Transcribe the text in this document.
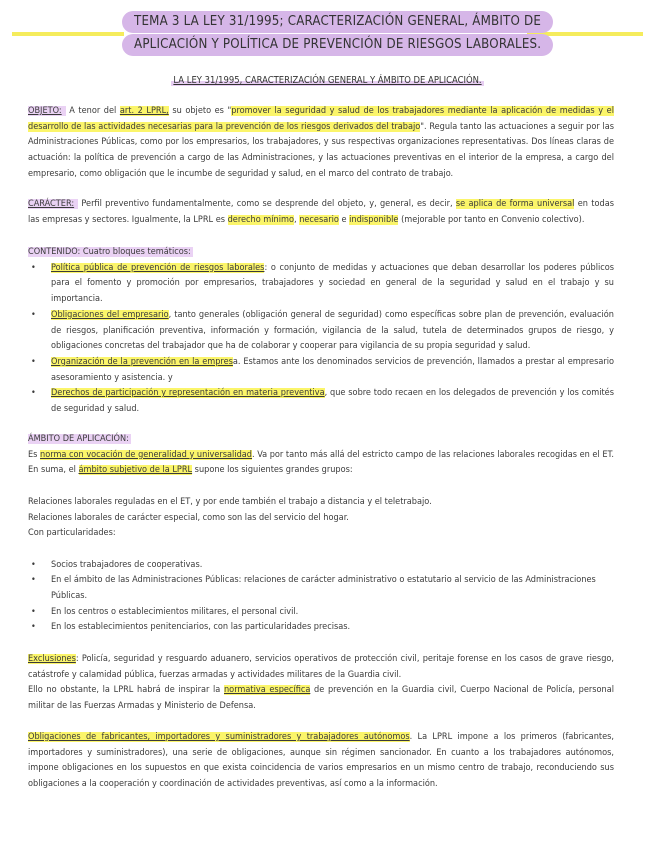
TEMA 3 LA LEY 31/1995; CARACTERIZACIÓN GENERAL, ÁMBITO DE
APLICACIÓN Y POLÍTICA DE PREVENCIÓN DE RIESGOS LABORALES.
LA LEY 31/1995, CARACTERIZACIÓN GENERAL Y ÁMBITO DE APLICACIÓN.

OBJETO: A tenor del art. 2 LPRL, su objeto es "promover la seguridad y salud de los trabajadores mediante la aplicación de medidas y el desarrollo de las actividades necesarias para la prevención de los riesgos derivados del trabajo". Regula tanto las actuaciones a seguir por las Administraciones Públicas, como por los empresarios, los trabajadores, y sus respectivas organizaciones representativas. Dos líneas claras de actuación: la política de prevención a cargo de las Administraciones, y las actuaciones preventivas en el interior de la empresa, a cargo del empresario, como obligación que le incumbe de seguridad y salud, en el marco del contrato de trabajo.

CARÁCTER: Perfil preventivo fundamentalmente, como se desprende del objeto, y, general, es decir, se aplica de forma universal en todas las empresas y sectores. Igualmente, la LPRL es derecho mínimo, necesario e indisponible (mejorable por tanto en Convenio colectivo).

CONTENIDO: Cuatro bloques temáticos:

• Política pública de prevención de riesgos laborales: o conjunto de medidas y actuaciones que deban desarrollar los poderes públicos para el fomento y promoción por empresarios, trabajadores y sociedad en general de la seguridad y salud en el trabajo y su importancia.
• Obligaciones del empresario, tanto generales (obligación general de seguridad) como específicas sobre plan de prevención, evaluación de riesgos, planificación preventiva, información y formación, vigilancia de la salud, tutela de determinados grupos de riesgo, y obligaciones concretas del trabajador que ha de colaborar y cooperar para vigilancia de su propia seguridad y salud.
• Organización de la prevención en la empresa. Estamos ante los denominados servicios de prevención, llamados a prestar al empresario asesoramiento y asistencia. y
• Derechos de participación y representación en materia preventiva, que sobre todo recaen en los delegados de prevención y los comités de seguridad y salud.

ÁMBITO DE APLICACIÓN:

Es norma con vocación de generalidad y universalidad. Va por tanto más allá del estricto campo de las relaciones laborales recogidas en el ET. En suma, el ámbito subjetivo de la LPRL supone los siguientes grandes grupos:

Relaciones laborales reguladas en el ET, y por ende también el trabajo a distancia y el teletrabajo.

Relaciones laborales de carácter especial, como son las del servicio del hogar.

Con particularidades:

• Socios trabajadores de cooperativas.
• En el ámbito de las Administraciones Públicas: relaciones de carácter administrativo o estatutario al servicio de las Administraciones Públicas.
• En los centros o establecimientos militares, el personal civil.
• En los establecimientos penitenciarios, con las particularidades precisas.

Exclusiones: Policía, seguridad y resguardo aduanero, servicios operativos de protección civil, peritaje forense en los casos de grave riesgo, catástrofe y calamidad pública, fuerzas armadas y actividades militares de la Guardia civil.

Ello no obstante, la LPRL habrá de inspirar la normativa específica de prevención en la Guardia civil, Cuerpo Nacional de Policía, personal militar de las Fuerzas Armadas y Ministerio de Defensa.

Obligaciones de fabricantes, importadores y suministradores y trabajadores autónomos. La LPRL impone a los primeros (fabricantes, importadores y suministradores), una serie de obligaciones, aunque sin régimen sancionador. En cuanto a los trabajadores autónomos, impone obligaciones en los supuestos en que exista coincidencia de varios empresarios en un mismo centro de trabajo, reconduciendo sus obligaciones a la cooperación y coordinación de actividades preventivas, así como a la información.
